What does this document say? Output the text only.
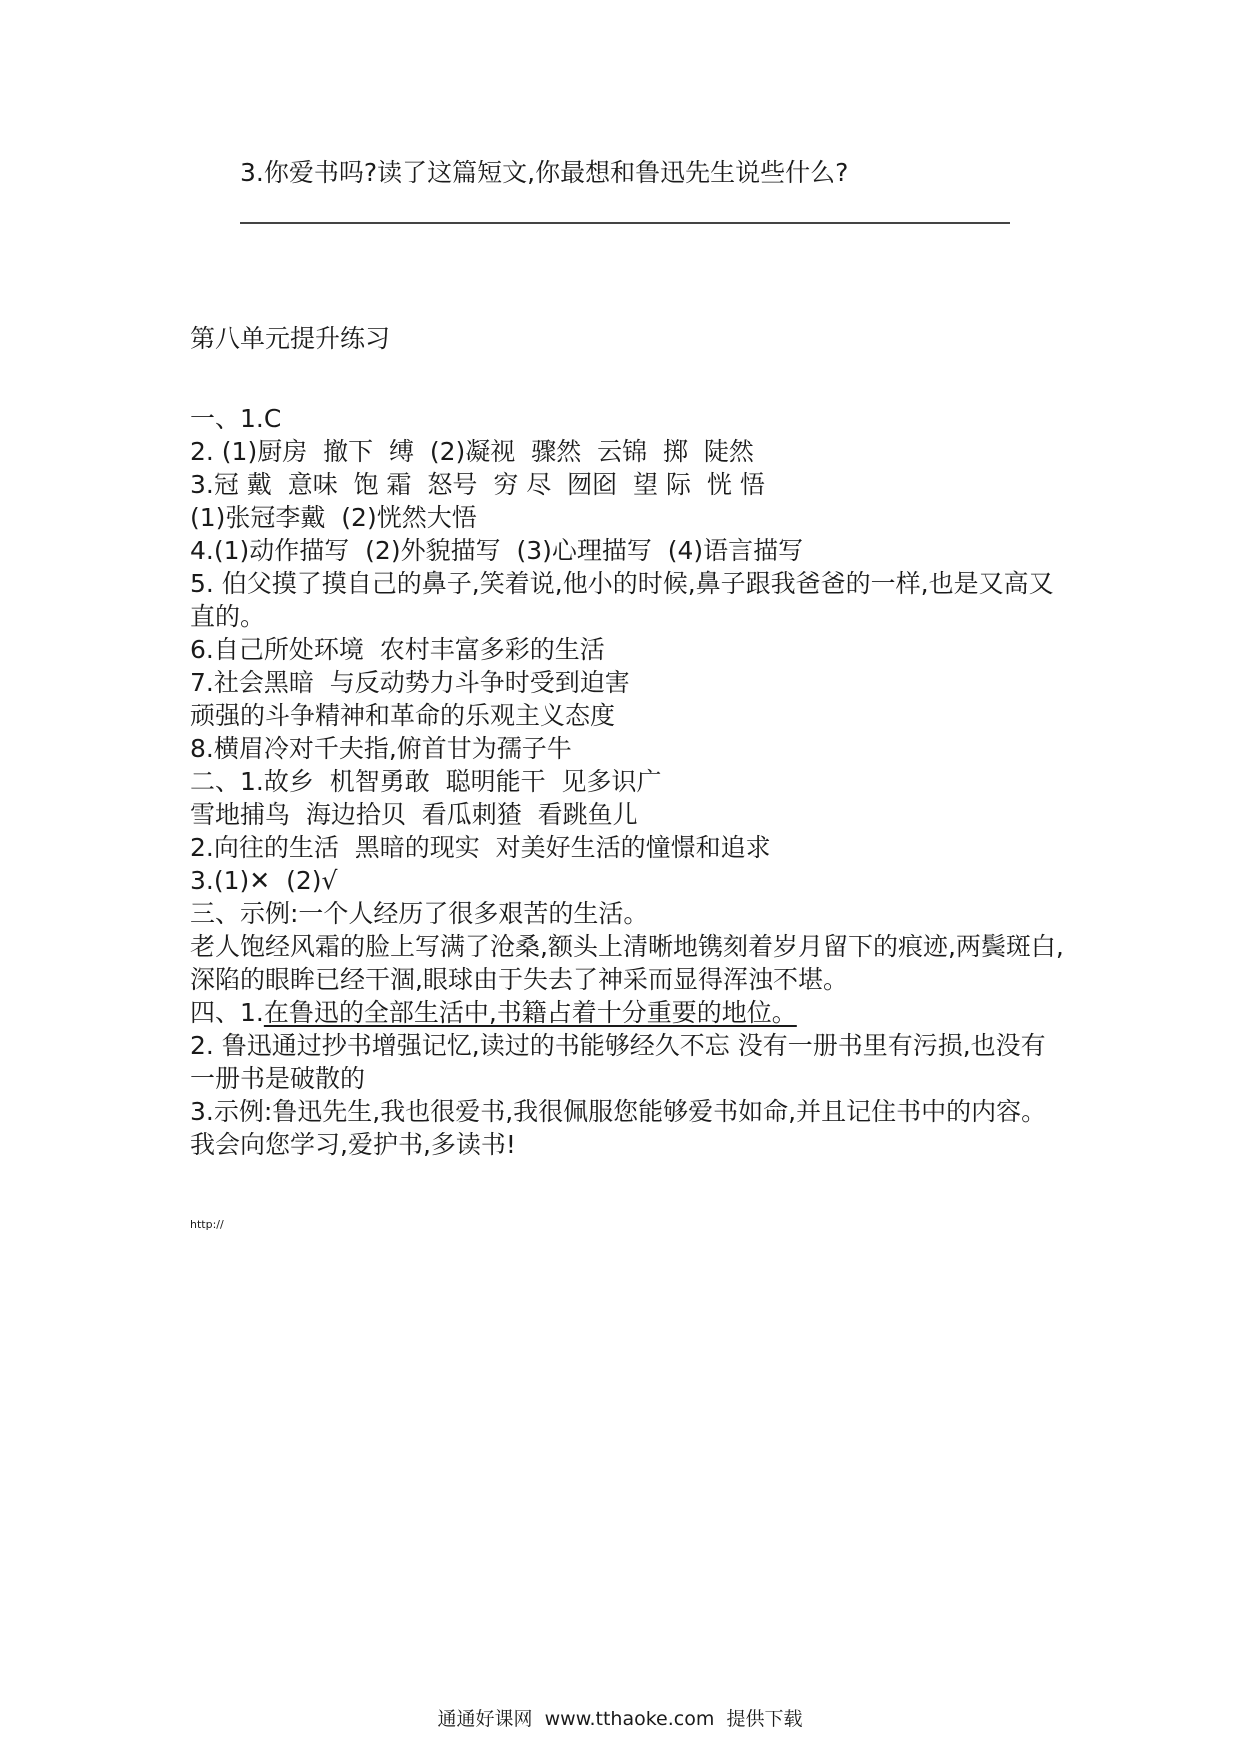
3.你爱书吗?读了这篇短文,你最想和鲁迅先生说些什么?
第八单元提升练习
一、1.C
2. (1)厨房  撤下  缚  (2)凝视  骤然  云锦  掷  陡然
3.冠 戴  意味  饱 霜  怒号  穷 尽  囫囵  望 际  恍 悟
(1)张冠李戴  (2)恍然大悟
4.(1)动作描写  (2)外貌描写  (3)心理描写  (4)语言描写
5. 伯父摸了摸自己的鼻子,笑着说,他小的时候,鼻子跟我爸爸的一样,也是又高又直的。
6.自己所处环境  农村丰富多彩的生活
7.社会黑暗  与反动势力斗争时受到迫害
顽强的斗争精神和革命的乐观主义态度
8.横眉冷对千夫指,俯首甘为孺子牛
二、1.故乡  机智勇敢  聪明能干  见多识广
雪地捕鸟  海边拾贝  看瓜刺猹  看跳鱼儿
2.向往的生活  黑暗的现实  对美好生活的憧憬和追求
3.(1)✕  (2)√
三、示例:一个人经历了很多艰苦的生活。
老人饱经风霜的脸上写满了沧桑,额头上清晰地镌刻着岁月留下的痕迹,两鬓斑白,深陷的眼眸已经干涸,眼球由于失去了神采而显得浑浊不堪。
四、1.在鲁迅的全部生活中,书籍占着十分重要的地位。
2. 鲁迅通过抄书增强记忆,读过的书能够经久不忘 没有一册书里有污损,也没有一册书是破散的
3.示例:鲁迅先生,我也很爱书,我很佩服您能够爱书如命,并且记住书中的内容。我会向您学习,爱护书,多读书!
http://
通通好课网  www.tthaoke.com  提供下载
